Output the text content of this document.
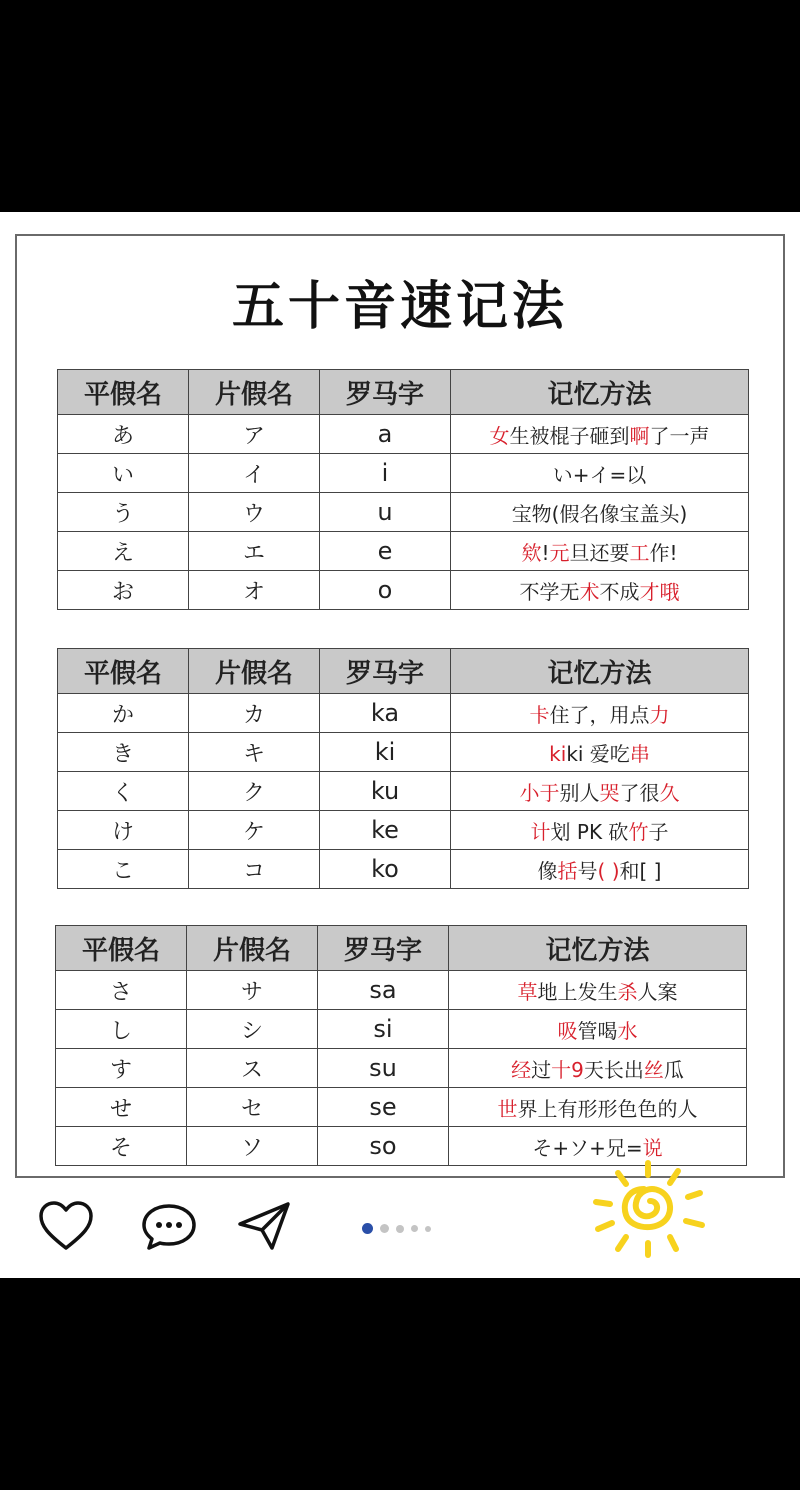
五十音速记法
平假名	片假名	罗马字	记忆方法
あ	ア	a	女生被棍子砸到啊了一声
い	イ	i	い+イ=以
う	ウ	u	宝物(假名像宝盖头)
え	エ	e	欸!元旦还要工作!
お	オ	o	不学无术不成才哦
平假名	片假名	罗马字	记忆方法
か	カ	ka	卡住了，用点力
き	キ	ki	kiki 爱吃串
く	ク	ku	小于别人哭了很久
け	ケ	ke	计划 PK 砍竹子
こ	コ	ko	像括号( )和[ ]
平假名	片假名	罗马字	记忆方法
さ	サ	sa	草地上发生杀人案
し	シ	si	吸管喝水
す	ス	su	经过十9天长出丝瓜
せ	セ	se	世界上有形形色色的人
そ	ソ	so	そ+ソ+兄=说
